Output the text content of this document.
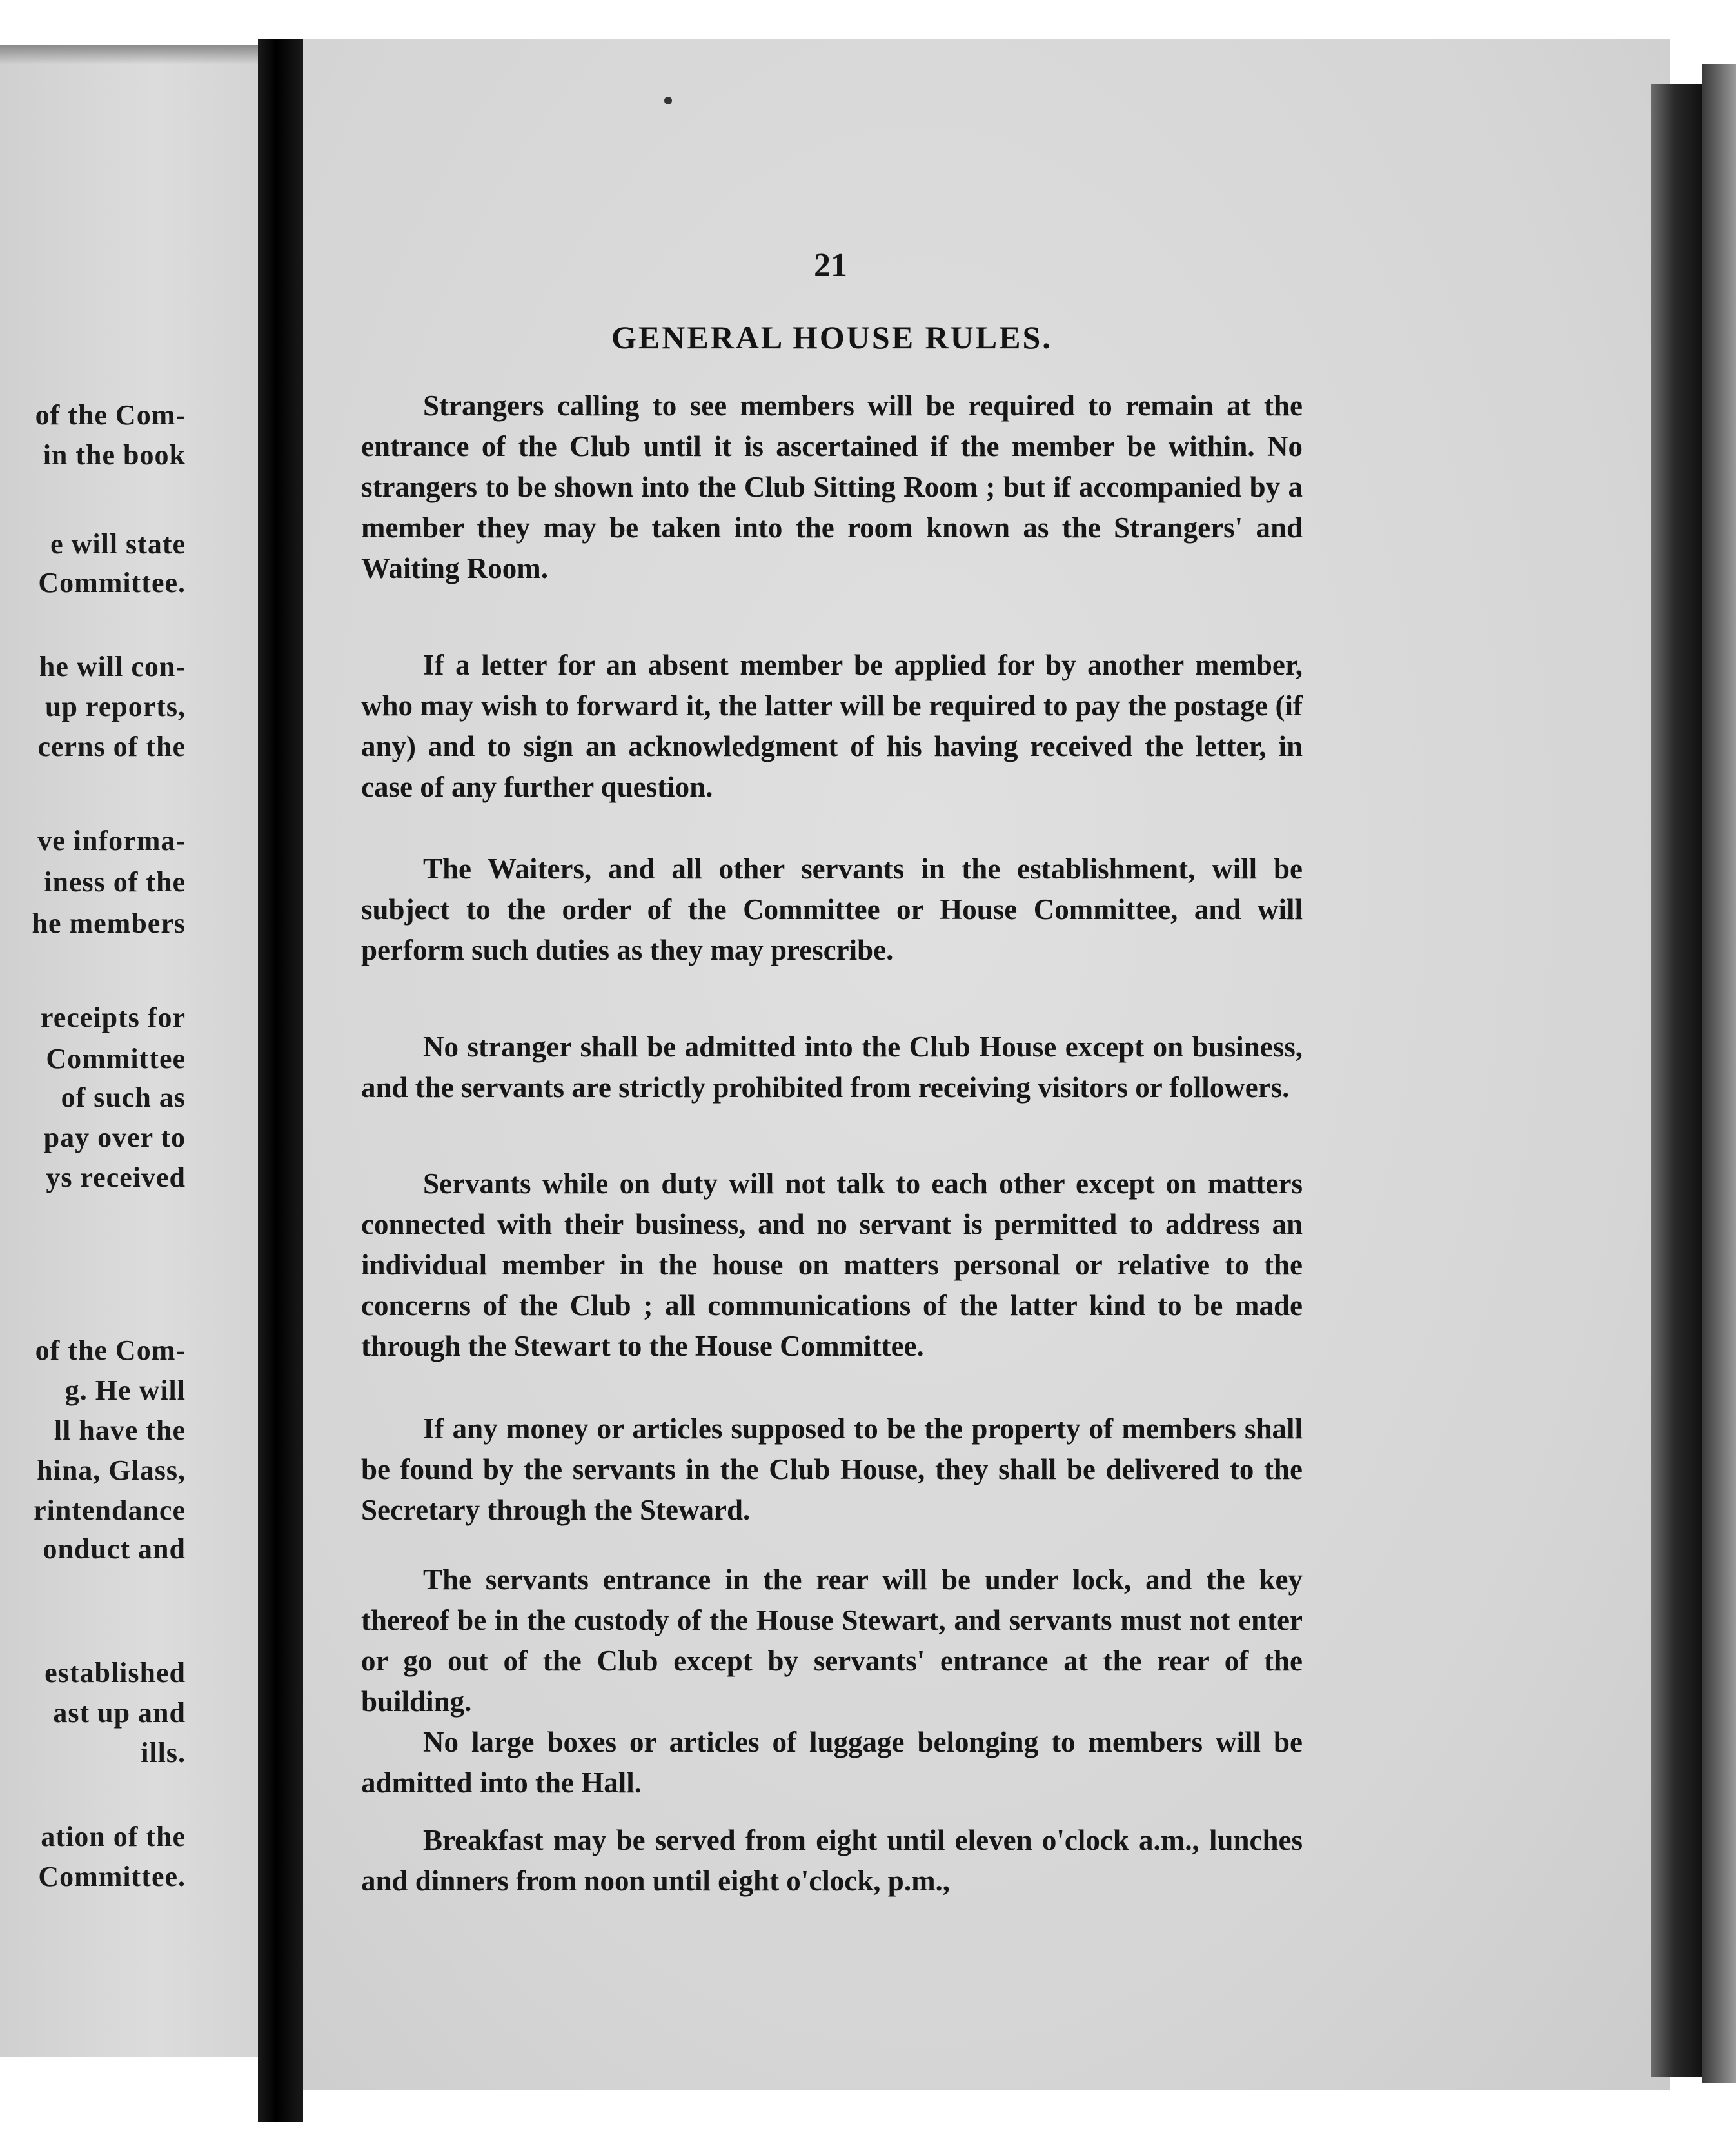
of the Com-
in the book
e will state
Committee.
he will con-
up reports,
cerns of the
ve informa-
iness of the
he members
receipts for
Committee
of such as
pay over to
ys received
of the Com-
g. He will
ll have the
hina, Glass,
rintendance
onduct and
established
ast up and
ills.
ation of the
Committee.
21
GENERAL HOUSE RULES.

Strangers calling to see members will be required to remain at the entrance of the Club until it is ascertained if the member be within. No strangers to be shown into the Club Sitting Room ; but if accompanied by a member they may be taken into the room known as the Strangers' and Waiting Room.

If a letter for an absent member be applied for by another member, who may wish to forward it, the latter will be required to pay the postage (if any) and to sign an acknowledgment of his having received the letter, in case of any further question.

The Waiters, and all other servants in the establishment, will be subject to the order of the Committee or House Committee, and will perform such duties as they may prescribe.

No stranger shall be admitted into the Club House except on business, and the servants are strictly prohibited from receiving visitors or followers.

Servants while on duty will not talk to each other except on matters connected with their business, and no servant is permitted to address an individual member in the house on matters personal or relative to the concerns of the Club ; all communications of the latter kind to be made through the Stewart to the House Committee.

If any money or articles supposed to be the property of members shall be found by the servants in the Club House, they shall be delivered to the Secretary through the Steward.

The servants entrance in the rear will be under lock, and the key thereof be in the custody of the House Stewart, and servants must not enter or go out of the Club except by servants' entrance at the rear of the building.

No large boxes or articles of luggage belonging to members will be admitted into the Hall.

Breakfast may be served from eight until eleven o'clock a.m., lunches and dinners from noon until eight o'clock, p.m.,
